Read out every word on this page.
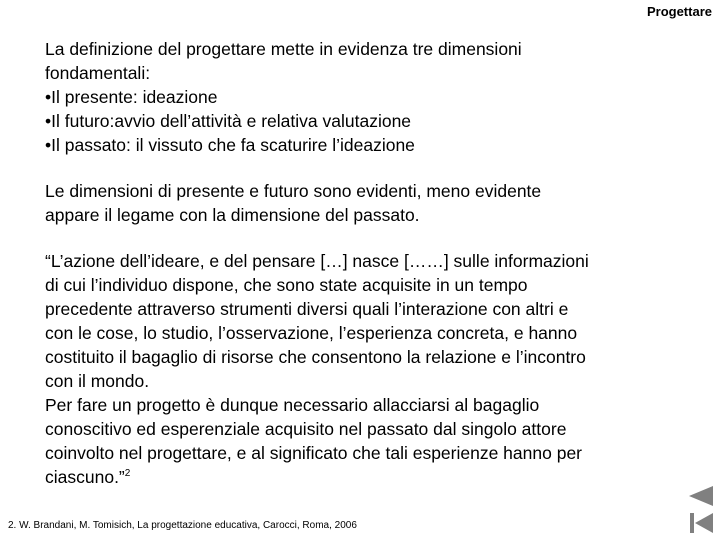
Progettare
La definizione del progettare mette in evidenza tre dimensioni
fondamentali:
•Il presente: ideazione
•Il futuro:avvio dell’attività e relativa valutazione
•Il passato: il vissuto che fa scaturire l’ideazione
Le dimensioni di presente e futuro sono evidenti, meno evidente
appare il legame con la dimensione del passato.
“L’azione dell’ideare, e del pensare […] nasce [……] sulle informazioni
di cui l’individuo dispone, che sono state acquisite in un tempo
precedente attraverso strumenti diversi quali l’interazione con altri e
con le cose, lo studio, l’osservazione, l’esperienza concreta, e hanno
costituito il bagaglio di risorse che consentono la relazione e l’incontro
con il mondo.
Per fare un progetto è dunque necessario allacciarsi al bagaglio
conoscitivo ed esperenziale acquisito nel passato dal singolo attore
coinvolto nel progettare, e al significato che tali esperienze hanno per
ciascuno.”$^2$
2. W. Brandani, M. Tomisich, La progettazione educativa, Carocci, Roma, 2006
